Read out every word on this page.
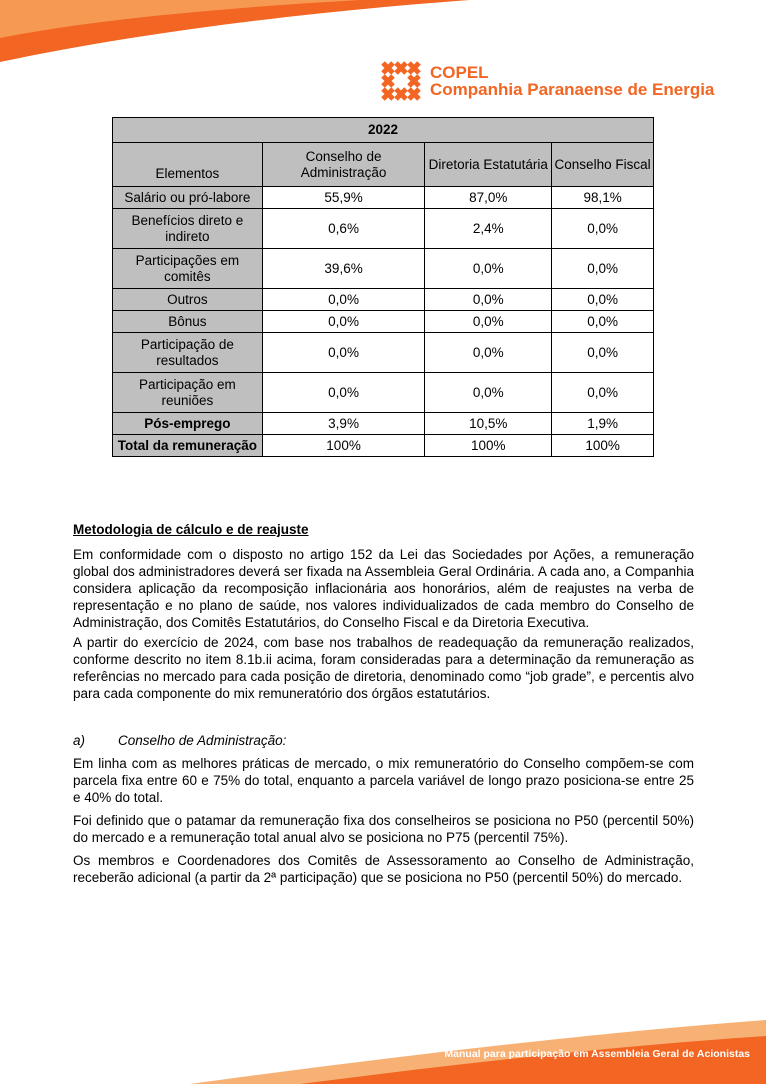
COPEL
Companhia Paranaense de Energia
2022			
Elementos	Conselho de Administração	Diretoria Estatutária	Conselho Fiscal
Salário ou pró-labore	55,9%	87,0%	98,1%
Benefícios direto e indireto	0,6%	2,4%	0,0%
Participações em comitês	39,6%	0,0%	0,0%
Outros	0,0%	0,0%	0,0%
Bônus	0,0%	0,0%	0,0%
Participação de resultados	0,0%	0,0%	0,0%
Participação em reuniões	0,0%	0,0%	0,0%
Pós-emprego	3,9%	10,5%	1,9%
Total da remuneração	100%	100%	100%
Metodologia de cálculo e de reajuste
Em conformidade com o disposto no artigo 152 da Lei das Sociedades por Ações, a remuneração global dos administradores deverá ser fixada na Assembleia Geral Ordinária. A cada ano, a Companhia considera aplicação da recomposição inflacionária aos honorários, além de reajustes na verba de representação e no plano de saúde, nos valores individualizados de cada membro do Conselho de Administração, dos Comitês Estatutários, do Conselho Fiscal e da Diretoria Executiva.
A partir do exercício de 2024, com base nos trabalhos de readequação da remuneração realizados, conforme descrito no item 8.1b.ii acima, foram consideradas para a determinação da remuneração as referências no mercado para cada posição de diretoria, denominado como “job grade”, e percentis alvo para cada componente do mix remuneratório dos órgãos estatutários.
a) Conselho de Administração:
Em linha com as melhores práticas de mercado, o mix remuneratório do Conselho compõem-se com parcela fixa entre 60 e 75% do total, enquanto a parcela variável de longo prazo posiciona-se entre 25 e 40% do total.
Foi definido que o patamar da remuneração fixa dos conselheiros se posiciona no P50 (percentil 50%) do mercado e a remuneração total anual alvo se posiciona no P75 (percentil 75%).
Os membros e Coordenadores dos Comitês de Assessoramento ao Conselho de Administração, receberão adicional (a partir da 2ª participação) que se posiciona no P50 (percentil 50%) do mercado.
Manual para participação em Assembleia Geral de Acionistas
